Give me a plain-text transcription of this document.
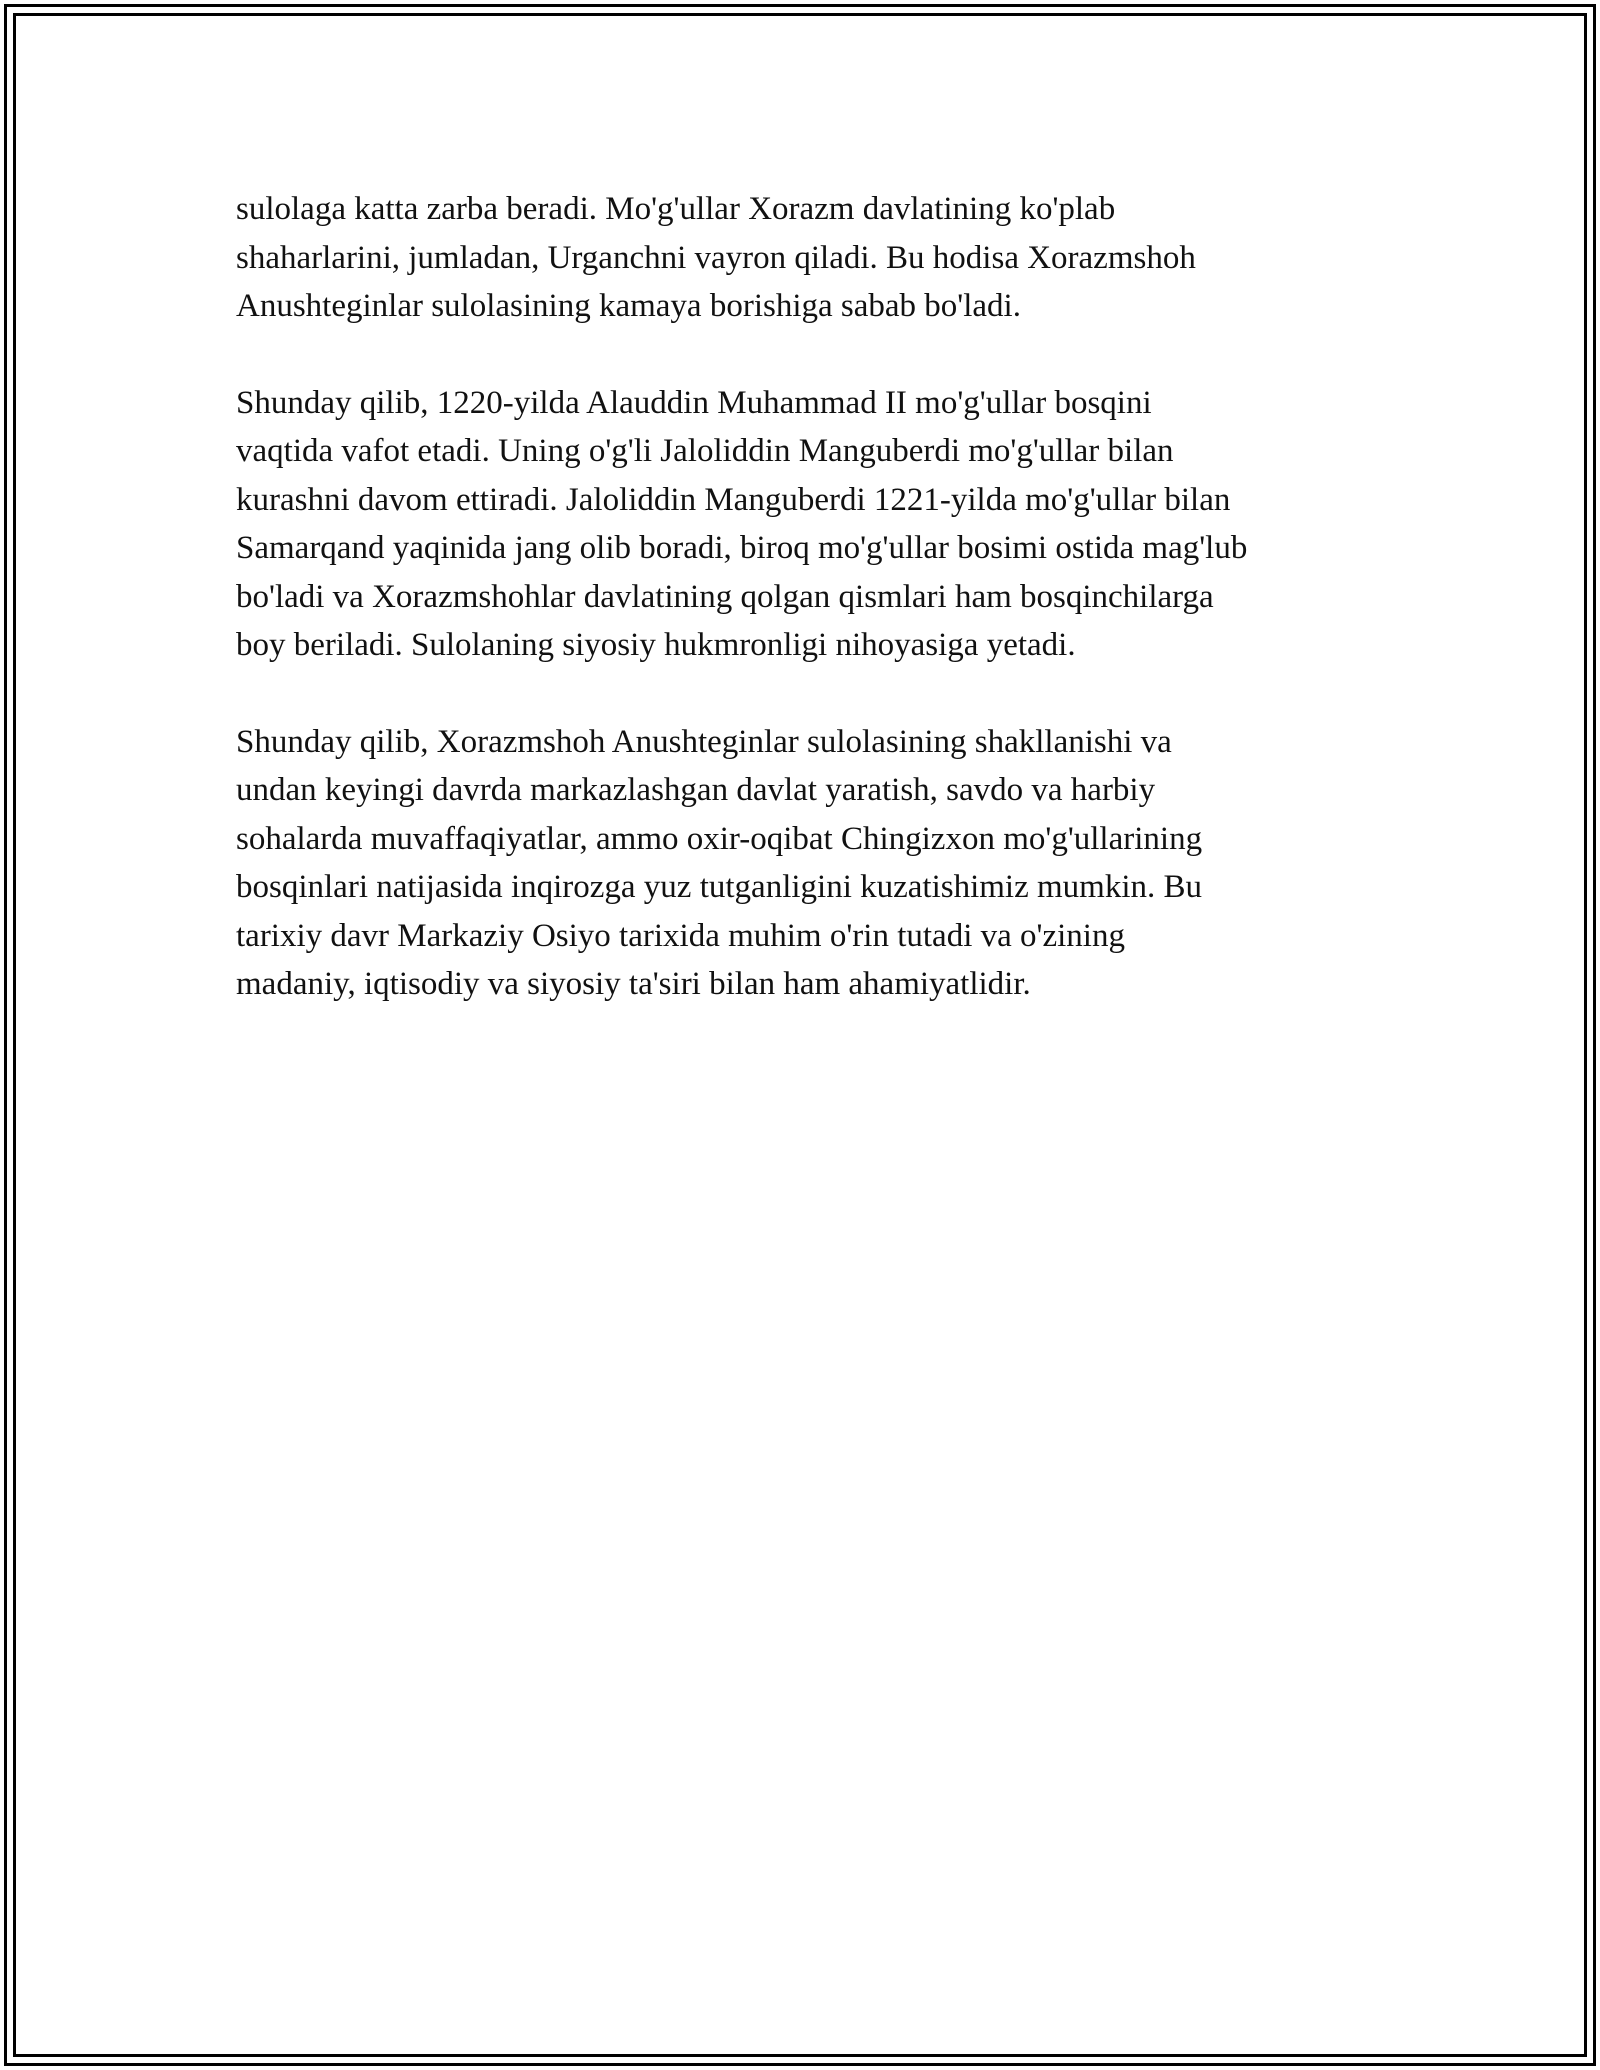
sulolaga katta zarba beradi. Mo'g'ullar Xorazm davlatining ko'plab
shaharlarini, jumladan, Urganchni vayron qiladi. Bu hodisa Xorazmshoh
Anushteginlar sulolasining kamaya borishiga sabab bo'ladi.

Shunday qilib, 1220-yilda Alauddin Muhammad II mo'g'ullar bosqini
vaqtida vafot etadi. Uning o'g'li Jaloliddin Manguberdi mo'g'ullar bilan
kurashni davom ettiradi. Jaloliddin Manguberdi 1221-yilda mo'g'ullar bilan
Samarqand yaqinida jang olib boradi, biroq mo'g'ullar bosimi ostida mag'lub
bo'ladi va Xorazmshohlar davlatining qolgan qismlari ham bosqinchilarga
boy beriladi. Sulolaning siyosiy hukmronligi nihoyasiga yetadi.

Shunday qilib, Xorazmshoh Anushteginlar sulolasining shakllanishi va
undan keyingi davrda markazlashgan davlat yaratish, savdo va harbiy
sohalarda muvaffaqiyatlar, ammo oxir-oqibat Chingizxon mo'g'ullarining
bosqinlari natijasida inqirozga yuz tutganligini kuzatishimiz mumkin. Bu
tarixiy davr Markaziy Osiyo tarixida muhim o'rin tutadi va o'zining
madaniy, iqtisodiy va siyosiy ta'siri bilan ham ahamiyatlidir.
